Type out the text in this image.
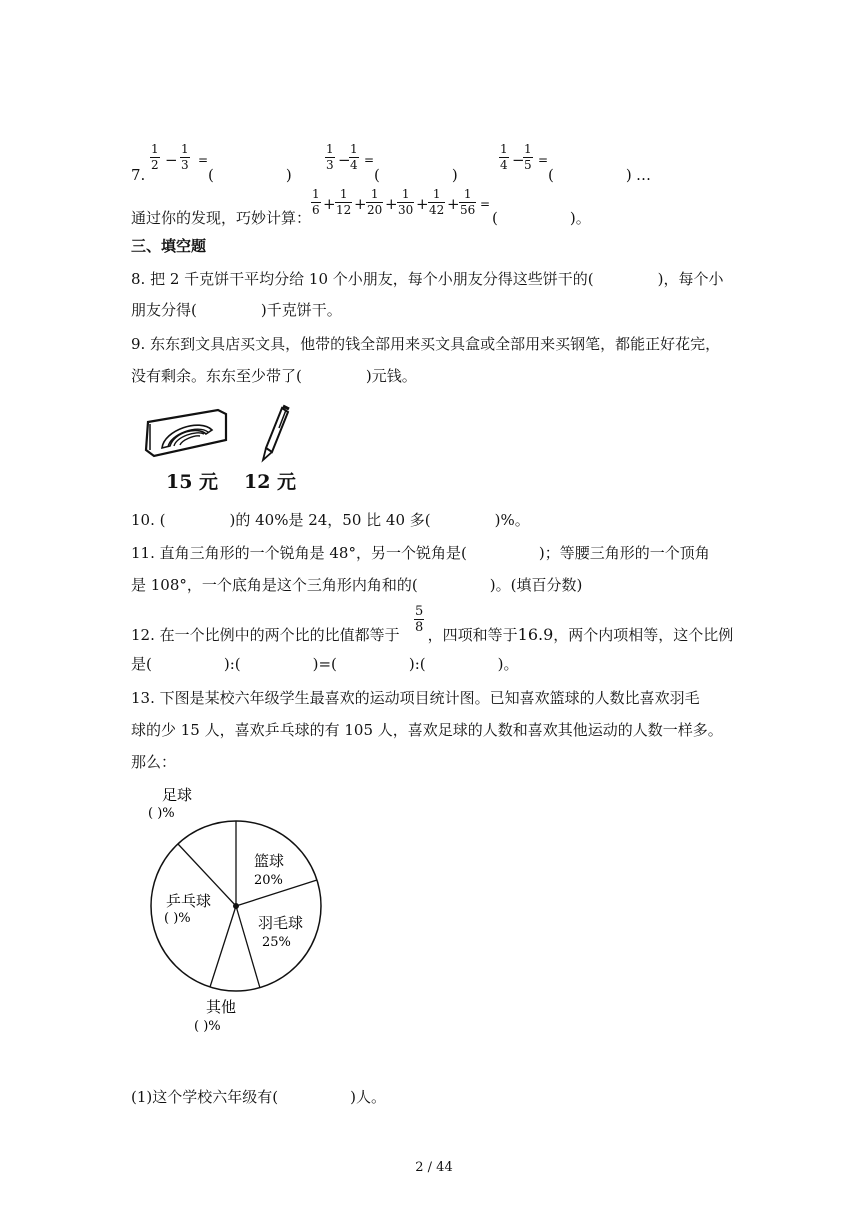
7.
1
2 −
1
3 =
(	)
1
3 −
1
4 =
(	)
1
4 −
1
5 =
(	) …
通过你的发现，巧妙计算：
1
6 +
1
12 +
1
20 +
1
30 +
1
42 +
1
56 =
(	)。
三、填空题
8. 把 2 千克饼干平均分给 10 个小朋友，每个小朋友分得这些饼干的(	)，每个小
朋友分得(	)千克饼干。
9. 东东到文具店买文具，他带的钱全部用来买文具盒或全部用来买钢笔，都能正好花完，
没有剩余。东东至少带了(	)元钱。
15 元 12 元
10. (	)的 40%是 24，50 比 40 多(	)%。
11. 直角三角形的一个锐角是 48°，另一个锐角是(	)；等腰三角形的一个顶角
是 108°，一个底角是这个三角形内角和的(	)。(填百分数)
12. 在一个比例中的两个比的比值都等于 ，四项和等于16.9，两个内项相等，这个比例
5
8
是(	):(	)=(	):(	)。
13. 下图是某校六年级学生最喜欢的运动项目统计图。已知喜欢篮球的人数比喜欢羽毛
球的少 15 人，喜欢乒乓球的有 105 人，喜欢足球的人数和喜欢其他运动的人数一样多。
那么：
篮球
20%
羽毛球
25%
乒乓球
( )%
其他
( )%
足球
( )%
(1)这个学校六年级有(	)人。
2 / 44
